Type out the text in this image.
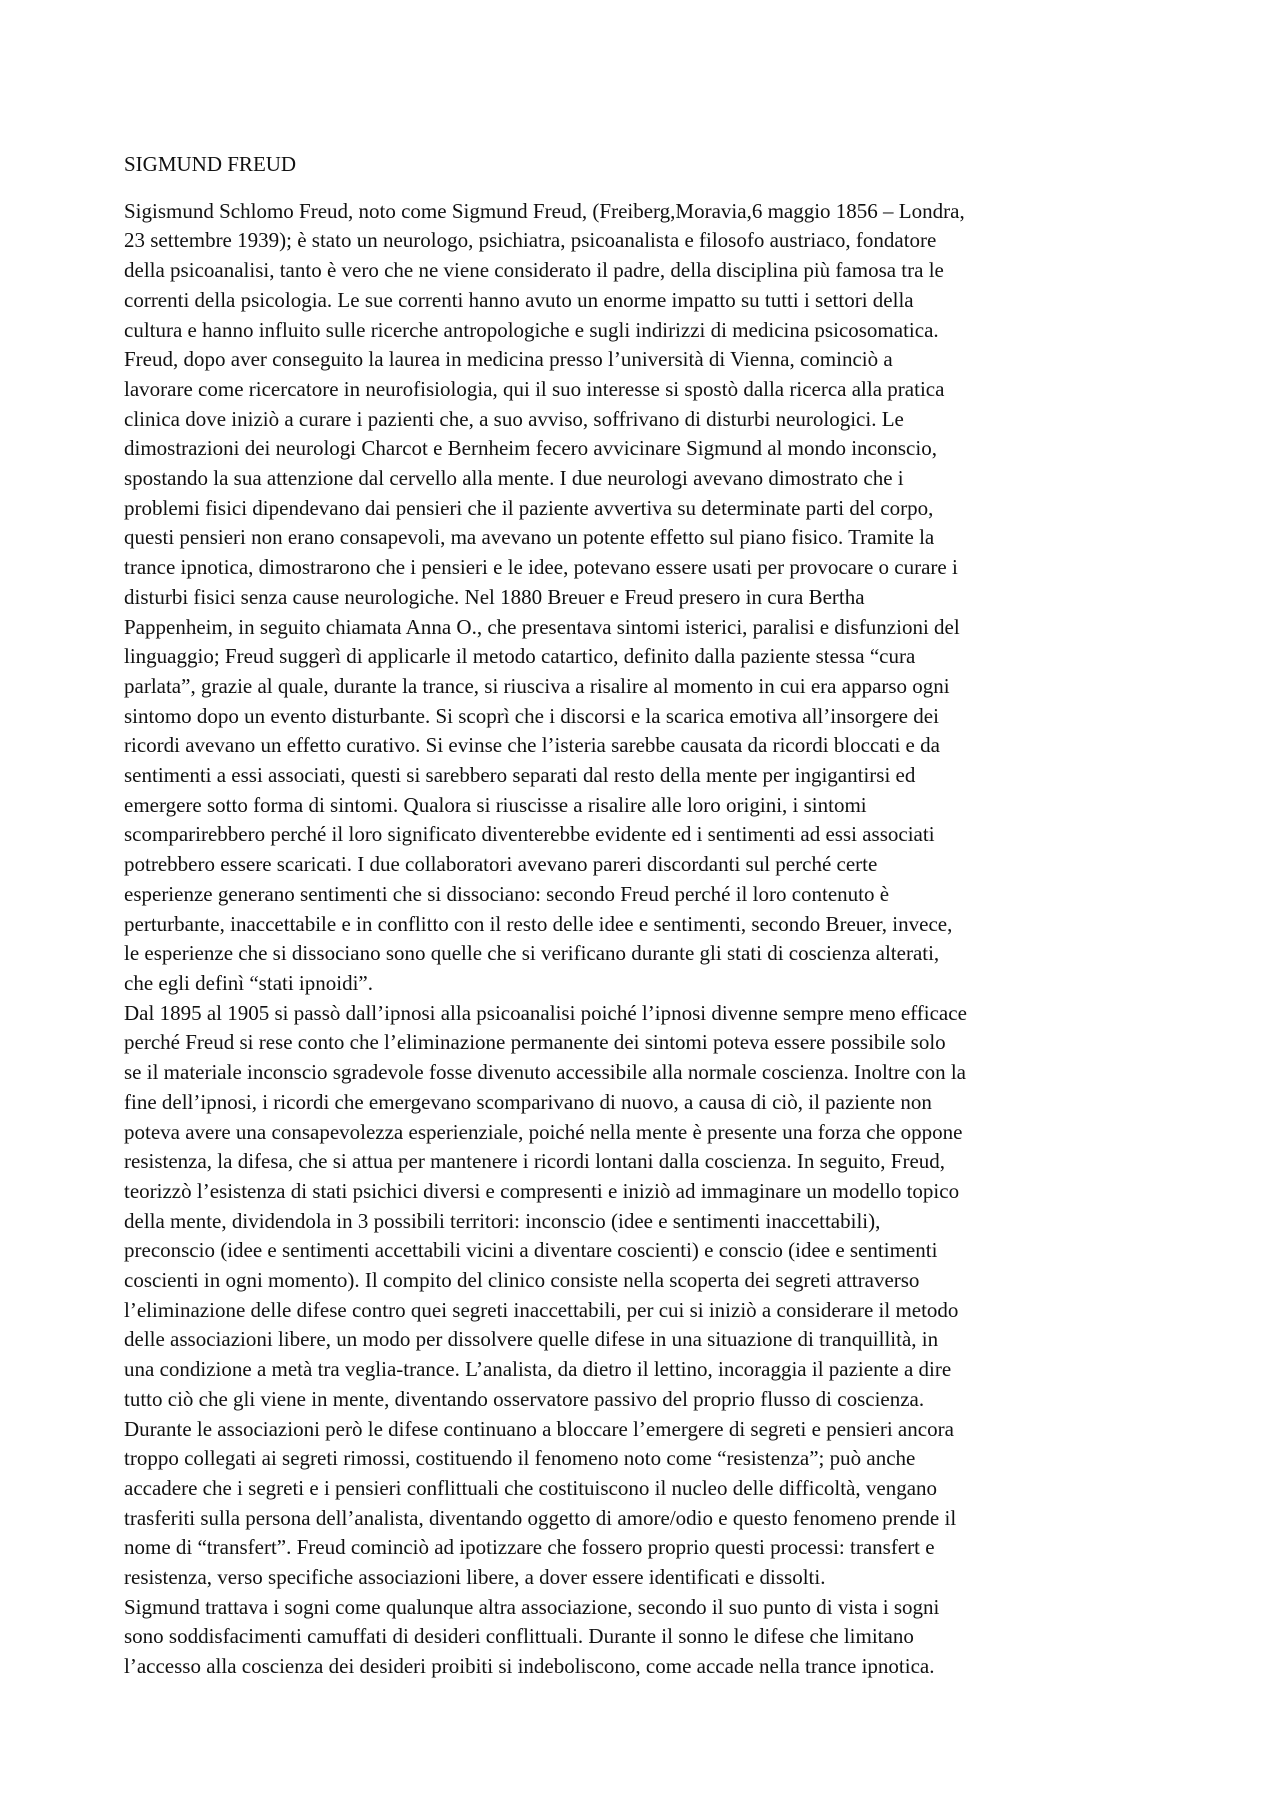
SIGMUND FREUD
Sigismund Schlomo Freud, noto come Sigmund Freud, (Freiberg,Moravia,6 maggio 1856 – Londra,
23 settembre 1939); è stato un neurologo, psichiatra, psicoanalista e filosofo austriaco, fondatore
della psicoanalisi, tanto è vero che ne viene considerato il padre, della disciplina più famosa tra le
correnti della psicologia. Le sue correnti hanno avuto un enorme impatto su tutti i settori della
cultura e hanno influito sulle ricerche antropologiche e sugli indirizzi di medicina psicosomatica.
Freud, dopo aver conseguito la laurea in medicina presso l’università di Vienna, cominciò a
lavorare come ricercatore in neurofisiologia, qui il suo interesse si spostò dalla ricerca alla pratica
clinica dove iniziò a curare i pazienti che, a suo avviso, soffrivano di disturbi neurologici. Le
dimostrazioni dei neurologi Charcot e Bernheim fecero avvicinare Sigmund al mondo inconscio,
spostando la sua attenzione dal cervello alla mente. I due neurologi avevano dimostrato che i
problemi fisici dipendevano dai pensieri che il paziente avvertiva su determinate parti del corpo,
questi pensieri non erano consapevoli, ma avevano un potente effetto sul piano fisico. Tramite la
trance ipnotica, dimostrarono che i pensieri e le idee, potevano essere usati per provocare o curare i
disturbi fisici senza cause neurologiche. Nel 1880 Breuer e Freud presero in cura Bertha
Pappenheim, in seguito chiamata Anna O., che presentava sintomi isterici, paralisi e disfunzioni del
linguaggio; Freud suggerì di applicarle il metodo catartico, definito dalla paziente stessa “cura
parlata”, grazie al quale, durante la trance, si riusciva a risalire al momento in cui era apparso ogni
sintomo dopo un evento disturbante. Si scoprì che i discorsi e la scarica emotiva all’insorgere dei
ricordi avevano un effetto curativo. Si evinse che l’isteria sarebbe causata da ricordi bloccati e da
sentimenti a essi associati, questi si sarebbero separati dal resto della mente per ingigantirsi ed
emergere sotto forma di sintomi. Qualora si riuscisse a risalire alle loro origini, i sintomi
scomparirebbero perché il loro significato diventerebbe evidente ed i sentimenti ad essi associati
potrebbero essere scaricati. I due collaboratori avevano pareri discordanti sul perché certe
esperienze generano sentimenti che si dissociano: secondo Freud perché il loro contenuto è
perturbante, inaccettabile e in conflitto con il resto delle idee e sentimenti, secondo Breuer, invece,
le esperienze che si dissociano sono quelle che si verificano durante gli stati di coscienza alterati,
che egli definì “stati ipnoidi”.
Dal 1895 al 1905 si passò dall’ipnosi alla psicoanalisi poiché l’ipnosi divenne sempre meno efficace
perché Freud si rese conto che l’eliminazione permanente dei sintomi poteva essere possibile solo
se il materiale inconscio sgradevole fosse divenuto accessibile alla normale coscienza. Inoltre con la
fine dell’ipnosi, i ricordi che emergevano scomparivano di nuovo, a causa di ciò, il paziente non
poteva avere una consapevolezza esperienziale, poiché nella mente è presente una forza che oppone
resistenza, la difesa, che si attua per mantenere i ricordi lontani dalla coscienza. In seguito, Freud,
teorizzò l’esistenza di stati psichici diversi e compresenti e iniziò ad immaginare un modello topico
della mente, dividendola in 3 possibili territori: inconscio (idee e sentimenti inaccettabili),
preconscio (idee e sentimenti accettabili vicini a diventare coscienti) e conscio (idee e sentimenti
coscienti in ogni momento). Il compito del clinico consiste nella scoperta dei segreti attraverso
l’eliminazione delle difese contro quei segreti inaccettabili, per cui si iniziò a considerare il metodo
delle associazioni libere, un modo per dissolvere quelle difese in una situazione di tranquillità, in
una condizione a metà tra veglia-trance. L’analista, da dietro il lettino, incoraggia il paziente a dire
tutto ciò che gli viene in mente, diventando osservatore passivo del proprio flusso di coscienza.
Durante le associazioni però le difese continuano a bloccare l’emergere di segreti e pensieri ancora
troppo collegati ai segreti rimossi, costituendo il fenomeno noto come “resistenza”; può anche
accadere che i segreti e i pensieri conflittuali che costituiscono il nucleo delle difficoltà, vengano
trasferiti sulla persona dell’analista, diventando oggetto di amore/odio e questo fenomeno prende il
nome di “transfert”. Freud cominciò ad ipotizzare che fossero proprio questi processi: transfert e
resistenza, verso specifiche associazioni libere, a dover essere identificati e dissolti.
Sigmund trattava i sogni come qualunque altra associazione, secondo il suo punto di vista i sogni
sono soddisfacimenti camuffati di desideri conflittuali. Durante il sonno le difese che limitano
l’accesso alla coscienza dei desideri proibiti si indeboliscono, come accade nella trance ipnotica.
